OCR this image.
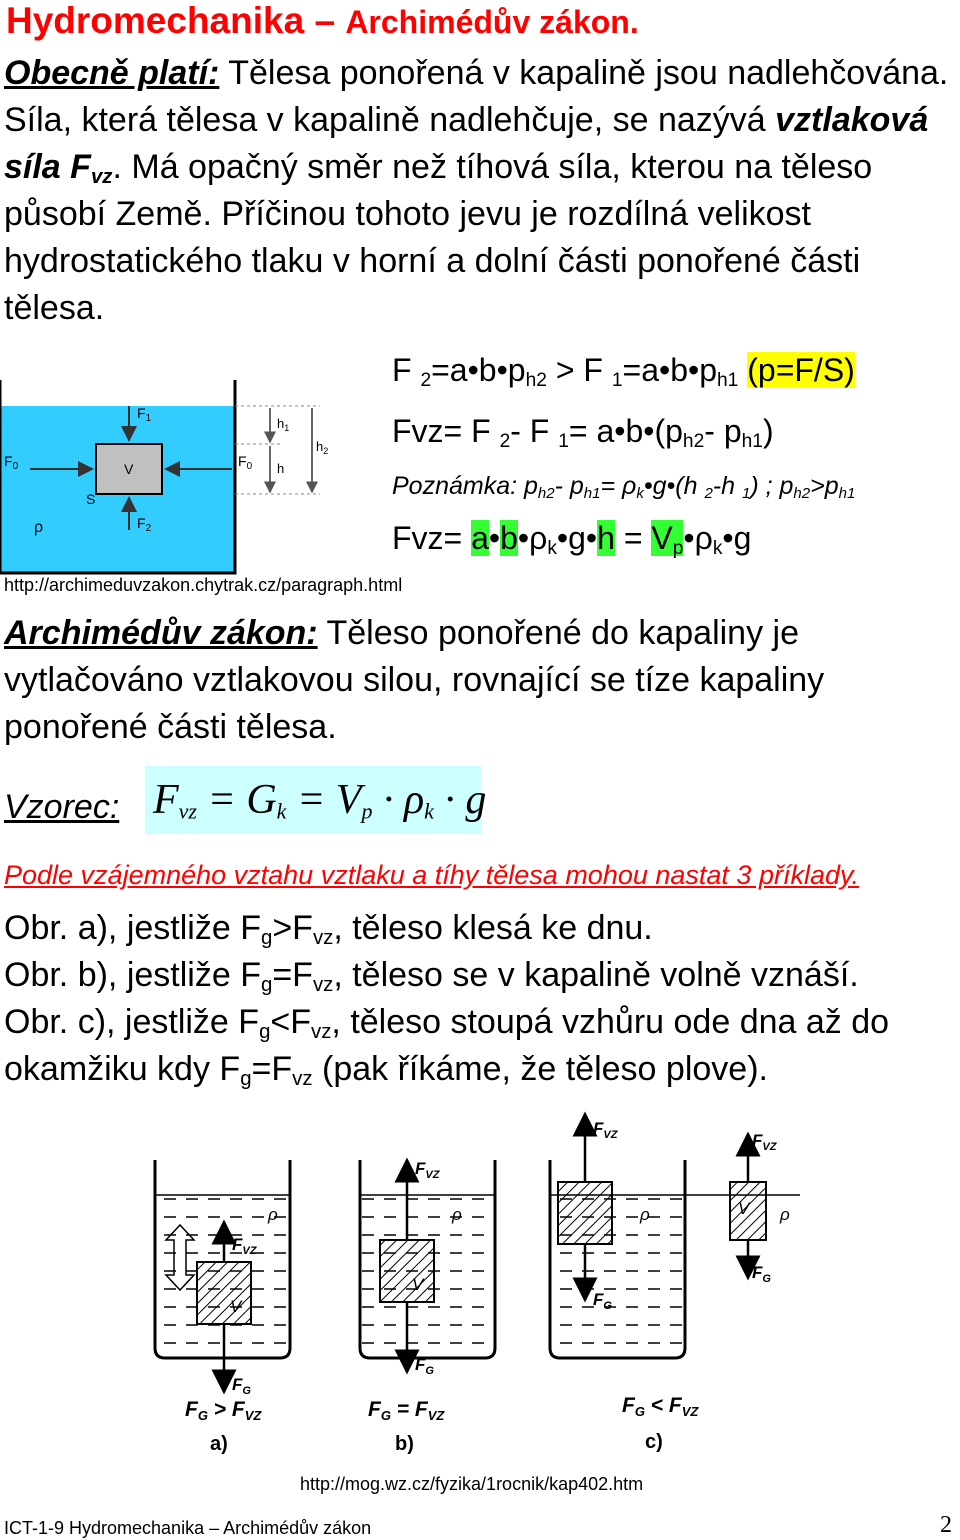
Hydromechanika – Archimédův zákon.
Obecně platí: Tělesa ponořená v kapalině jsou nadlehčována. Síla, která tělesa v kapalině nadlehčuje, se nazývá vztlaková síla $F_{vz}$. Má opačný směr než tíhová síla, kterou na těleso působí Země. Příčinou tohoto jevu je rozdílná velikost hydrostatického tlaku v horní a dolní části ponořené části tělesa.
$F_1$
$F_2$
$F_0$	$F_0$
V
S
ρ
$h_1$
h
$h_2$
http://archimeduvzakon.chytrak.cz/paragraph.html
F $_2=a•b•p_{h2} > F$ $_1=a•b•p_{h1}$ (p=F/S)
Fvz= F $_2$- F $_1= a•b•(p_{h2}-$ $p_{h1}$)
Poznámka: $p_{h2}-$ $p_{h1}=$ $\rho_k•g•(h$ $_2$-h $_1$) ; $p_{h2}>p_{h1}$
$Fvz= a•b•\rho_k•g•h$ = $V_p•\rho_k•g$
Archimédův zákon: Těleso ponořené do kapaliny je vytlačováno vztlakovou silou, rovnající se tíze kapaliny ponořené části tělesa.
Vzorec: $F_{vz} = G_k = V_p \cdot \rho_k \cdot g$
Podle vzájemného vztahu vztlaku a tíhy tělesa mohou nastat 3 příklady.
Obr. a), jestliže $F_g>F_{vz}$, těleso klesá ke dnu.
Obr. b), jestliže $F_g=F_{vz}$, těleso se v kapalině volně vznáší.
Obr. c), jestliže $F_g<F_{vz}$, těleso stoupá vzhůru ode dna až do okamžiku kdy $F_g=F_{vz}$ (pak říkáme, že těleso plove).
$F_{VZ}$
$F_G$
ρ
V
$F_{VZ}$
$F_G$
ρ
V
$F_{VZ}$
$F_G$
$F_{VZ}$
$F_G$
ρ	ρ
V
FG > FVZ	FG = FVZ	FG < FVZ
a)	b)	c)
http://mog.wz.cz/fyzika/1rocnik/kap402.htm
ICT-1-9 Hydromechanika – Archimédův zákon	2
